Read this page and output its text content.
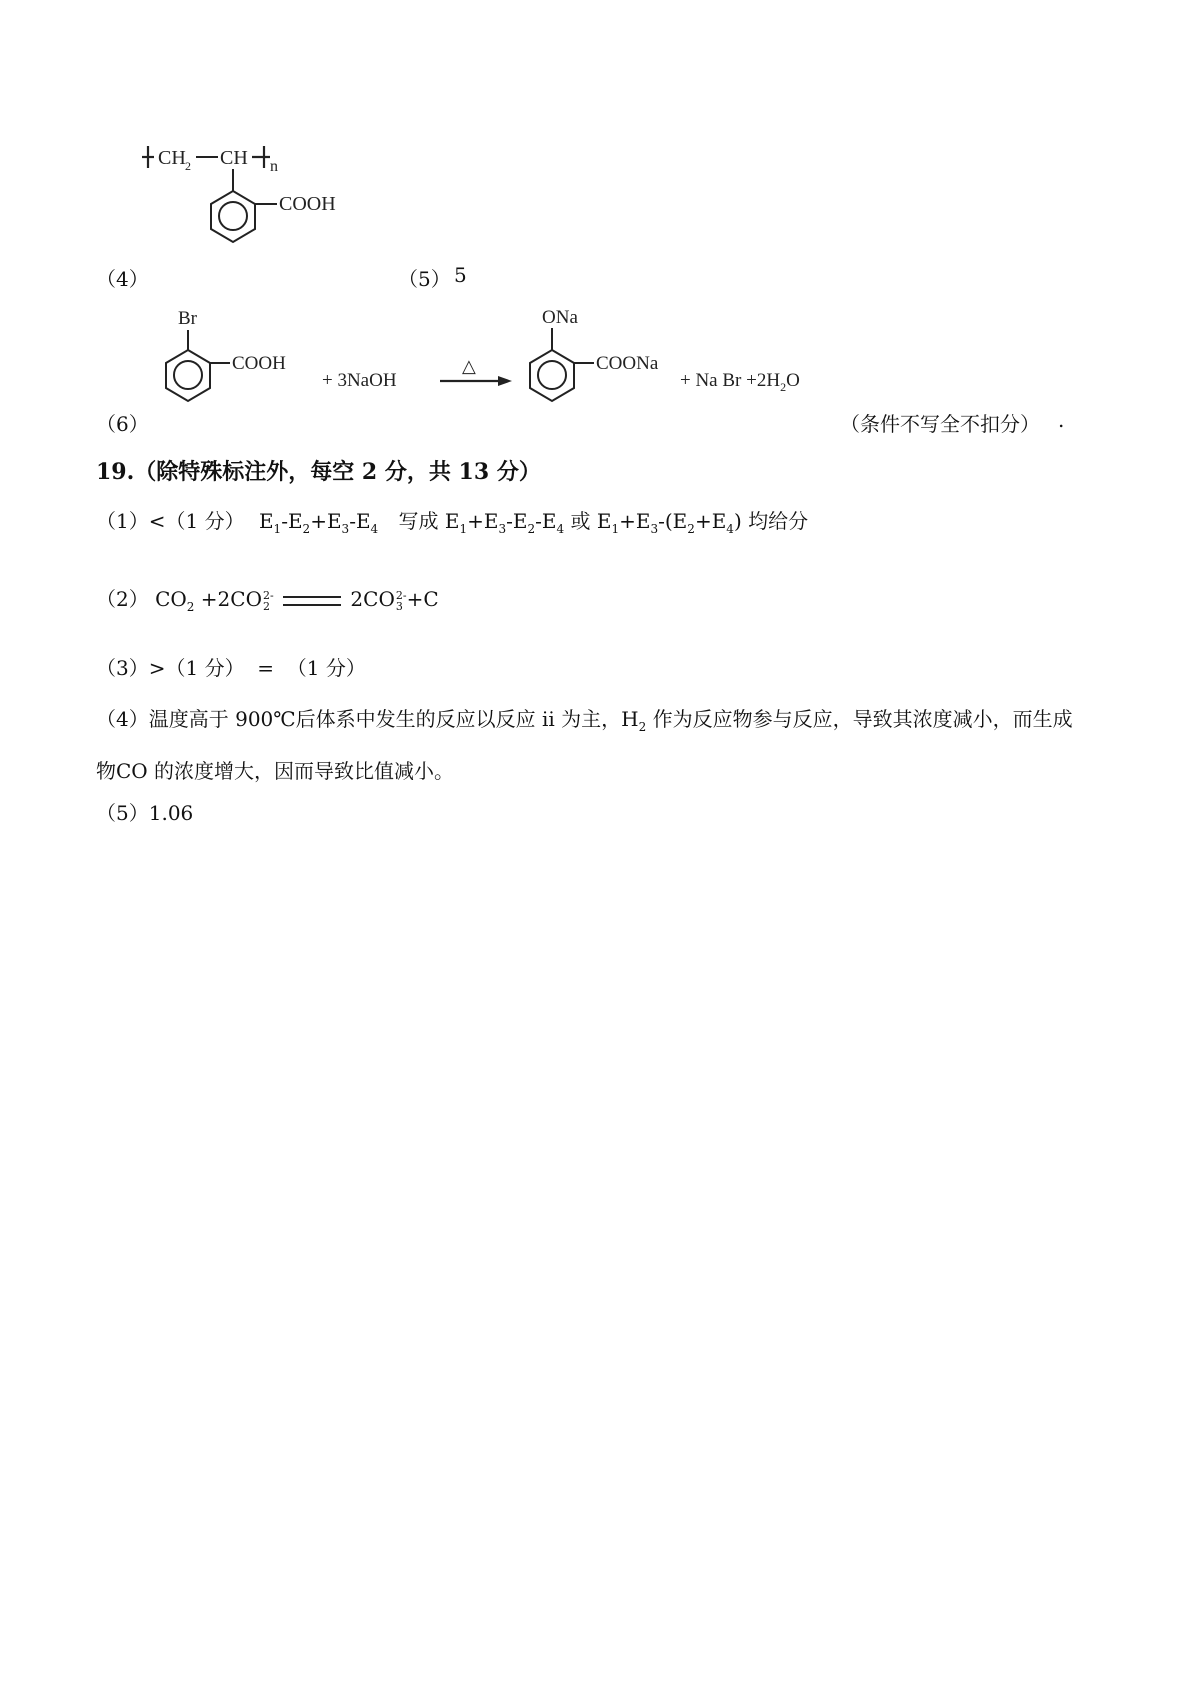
（4）
CH 2 CH n
COOH
（5） 5
（6）
Br
COOH
+ 3NaOH
△
ONa
COONa
+ Na $Br +2H_2O$
（条件不写全不扣分） .
19.（除特殊标注外，每空 2 分，共 13 分）
（1）<（1 分） $E_1-E_2+E_3-E_4$ 写成 $E_1+E_3-E_2-E_4$ 或 $E_1+E_3-(E_2+E_4)$ 均给分
（2） $CO_2 +2CO$ 2-
2	2CO 2-
3 +C
（3）>（1 分）  =  （1 分）
（4）温度高于 900℃后体系中发生的反应以反应 ii 为主，$H_2$ 作为反应物参与反应，导致其浓度减小，而生成
物CO 的浓度增大，因而导致比值减小。
（5）1.06
